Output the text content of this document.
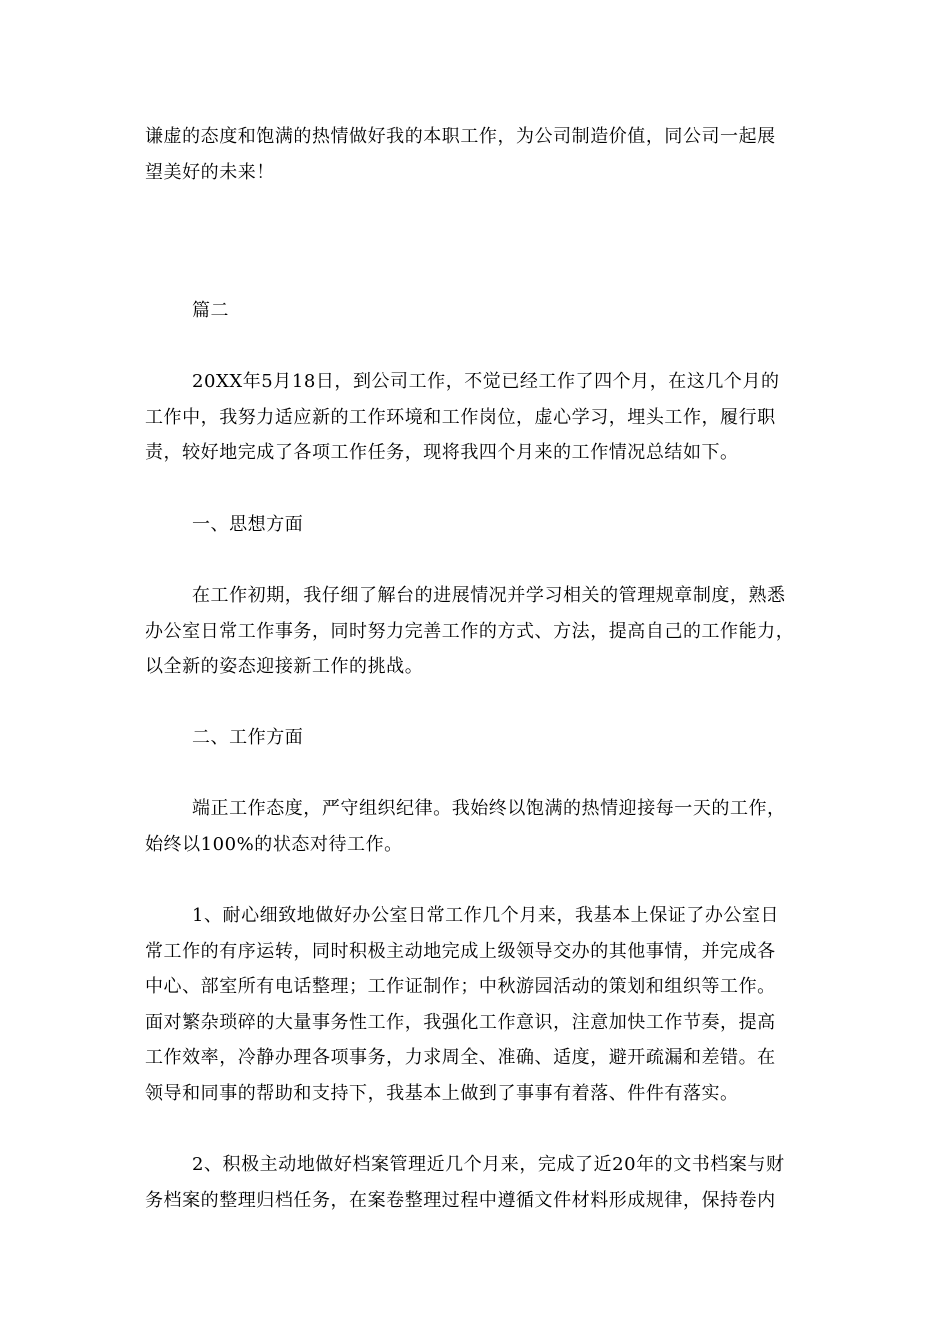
谦虚的态度和饱满的热情做好我的本职工作，为公司制造价值，同公司一起展
望美好的未来！
篇二
20XX年5月18日，到公司工作，不觉已经工作了四个月，在这几个月的
工作中，我努力适应新的工作环境和工作岗位，虚心学习，埋头工作，履行职
责，较好地完成了各项工作任务，现将我四个月来的工作情况总结如下。
一、思想方面
在工作初期，我仔细了解台的进展情况并学习相关的管理规章制度，熟悉
办公室日常工作事务，同时努力完善工作的方式、方法，提高自己的工作能力，
以全新的姿态迎接新工作的挑战。
二、工作方面
端正工作态度，严守组织纪律。我始终以饱满的热情迎接每一天的工作，
始终以100%的状态对待工作。
1、耐心细致地做好办公室日常工作几个月来，我基本上保证了办公室日
常工作的有序运转，同时积极主动地完成上级领导交办的其他事情，并完成各
中心、部室所有电话整理；工作证制作；中秋游园活动的策划和组织等工作。
面对繁杂琐碎的大量事务性工作，我强化工作意识，注意加快工作节奏，提高
工作效率，冷静办理各项事务，力求周全、准确、适度，避开疏漏和差错。在
领导和同事的帮助和支持下，我基本上做到了事事有着落、件件有落实。
2、积极主动地做好档案管理近几个月来，完成了近20年的文书档案与财
务档案的整理归档任务，在案卷整理过程中遵循文件材料形成规律，保持卷内
